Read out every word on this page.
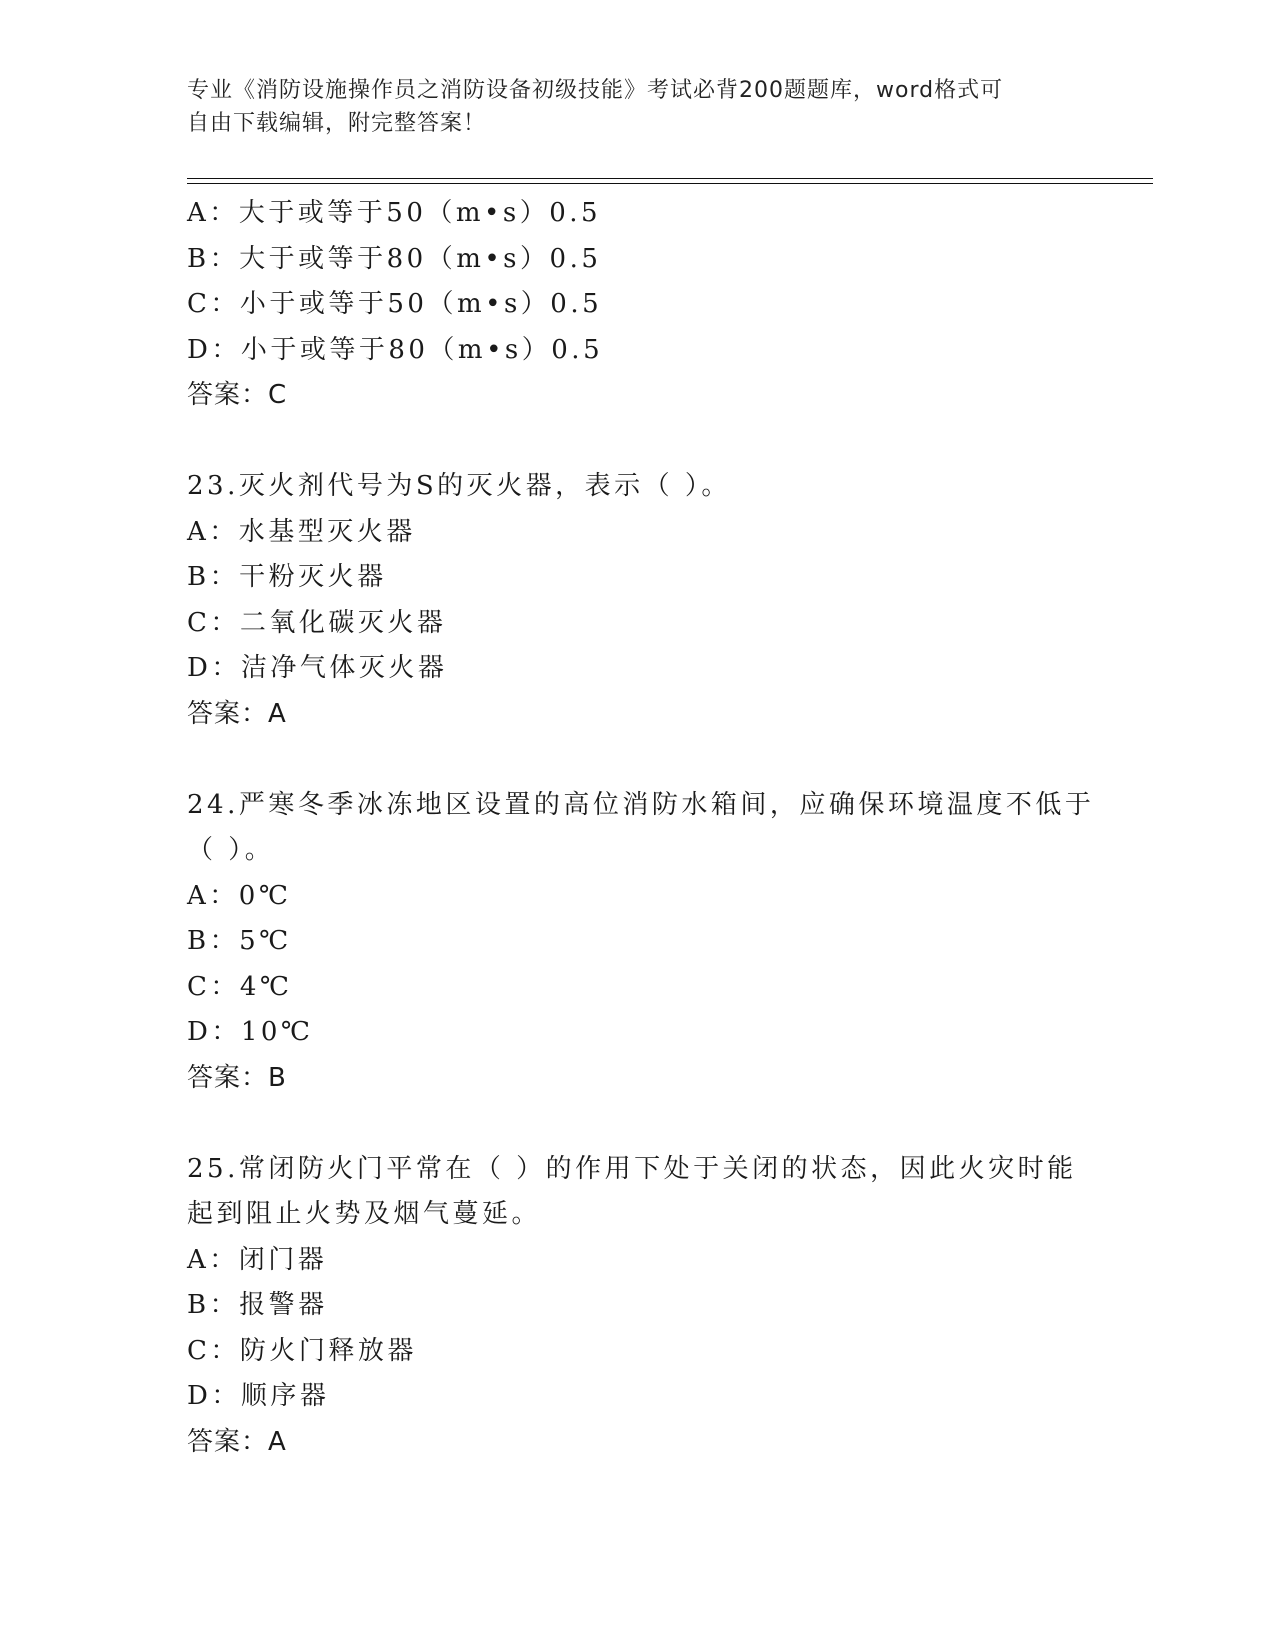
专业《消防设施操作员之消防设备初级技能》考试必背200题题库，word格式可
自由下载编辑，附完整答案！
A：大于或等于50（m•s）0.5
B：大于或等于80（m•s）0.5
C：小于或等于50（m•s）0.5
D：小于或等于80（m•s）0.5
答案：C
23.灭火剂代号为S的灭火器，表示（ ）。
A：水基型灭火器
B：干粉灭火器
C：二氧化碳灭火器
D：洁净气体灭火器
答案：A
24.严寒冬季冰冻地区设置的高位消防水箱间，应确保环境温度不低于
（ ）。
A：0℃
B：5℃
C：4℃
D：10℃
答案：B
25.常闭防火门平常在（ ）的作用下处于关闭的状态，因此火灾时能
起到阻止火势及烟气蔓延。
A：闭门器
B：报警器
C：防火门释放器
D：顺序器
答案：A
